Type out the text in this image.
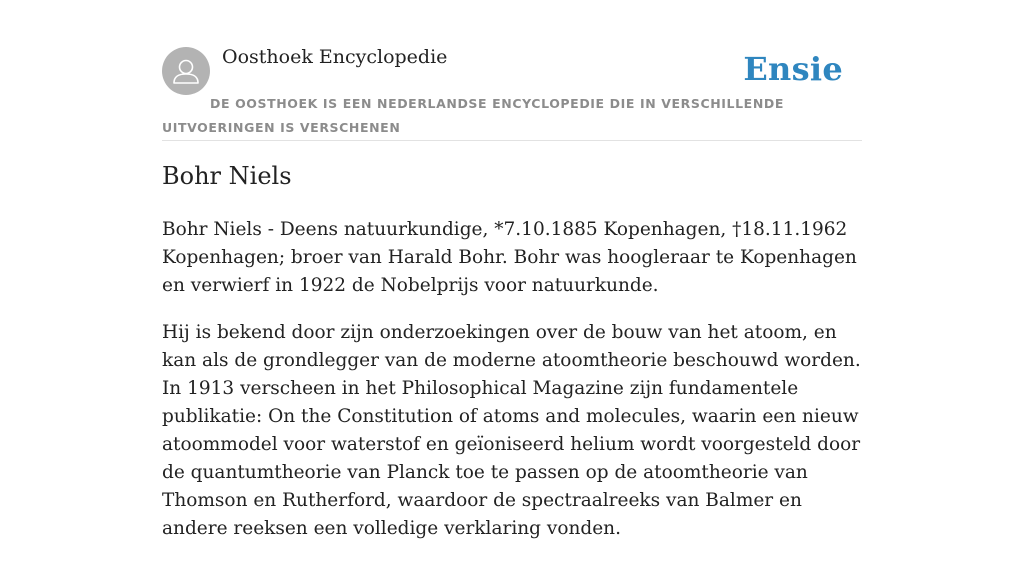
Oosthoek Encyclopedie	Ensie
DE OOSTHOEK IS EEN NEDERLANDSE ENCYCLOPEDIE DIE IN VERSCHILLENDE UITVOERINGEN IS VERSCHENEN
Bohr Niels

Bohr Niels - Deens natuurkundige, *7.10.1885 Kopenhagen, †18.11.1962 Kopenhagen; broer van Harald Bohr. Bohr was hoogleraar te Kopenhagen en verwierf in 1922 de Nobelprijs voor natuurkunde.

Hij is bekend door zijn onderzoekingen over de bouw van het atoom, en kan als de grondlegger van de moderne atoomtheorie beschouwd worden. In 1913 verscheen in het Philosophical Magazine zijn fundamentele publikatie: On the Constitution of atoms and molecules, waarin een nieuw atoommodel voor waterstof en geïoniseerd helium wordt voorgesteld door de quantumtheorie van Planck toe te passen op de atoomtheorie van Thomson en Rutherford, waardoor de spectraalreeks van Balmer en andere reeksen een volledige verklaring vonden.
